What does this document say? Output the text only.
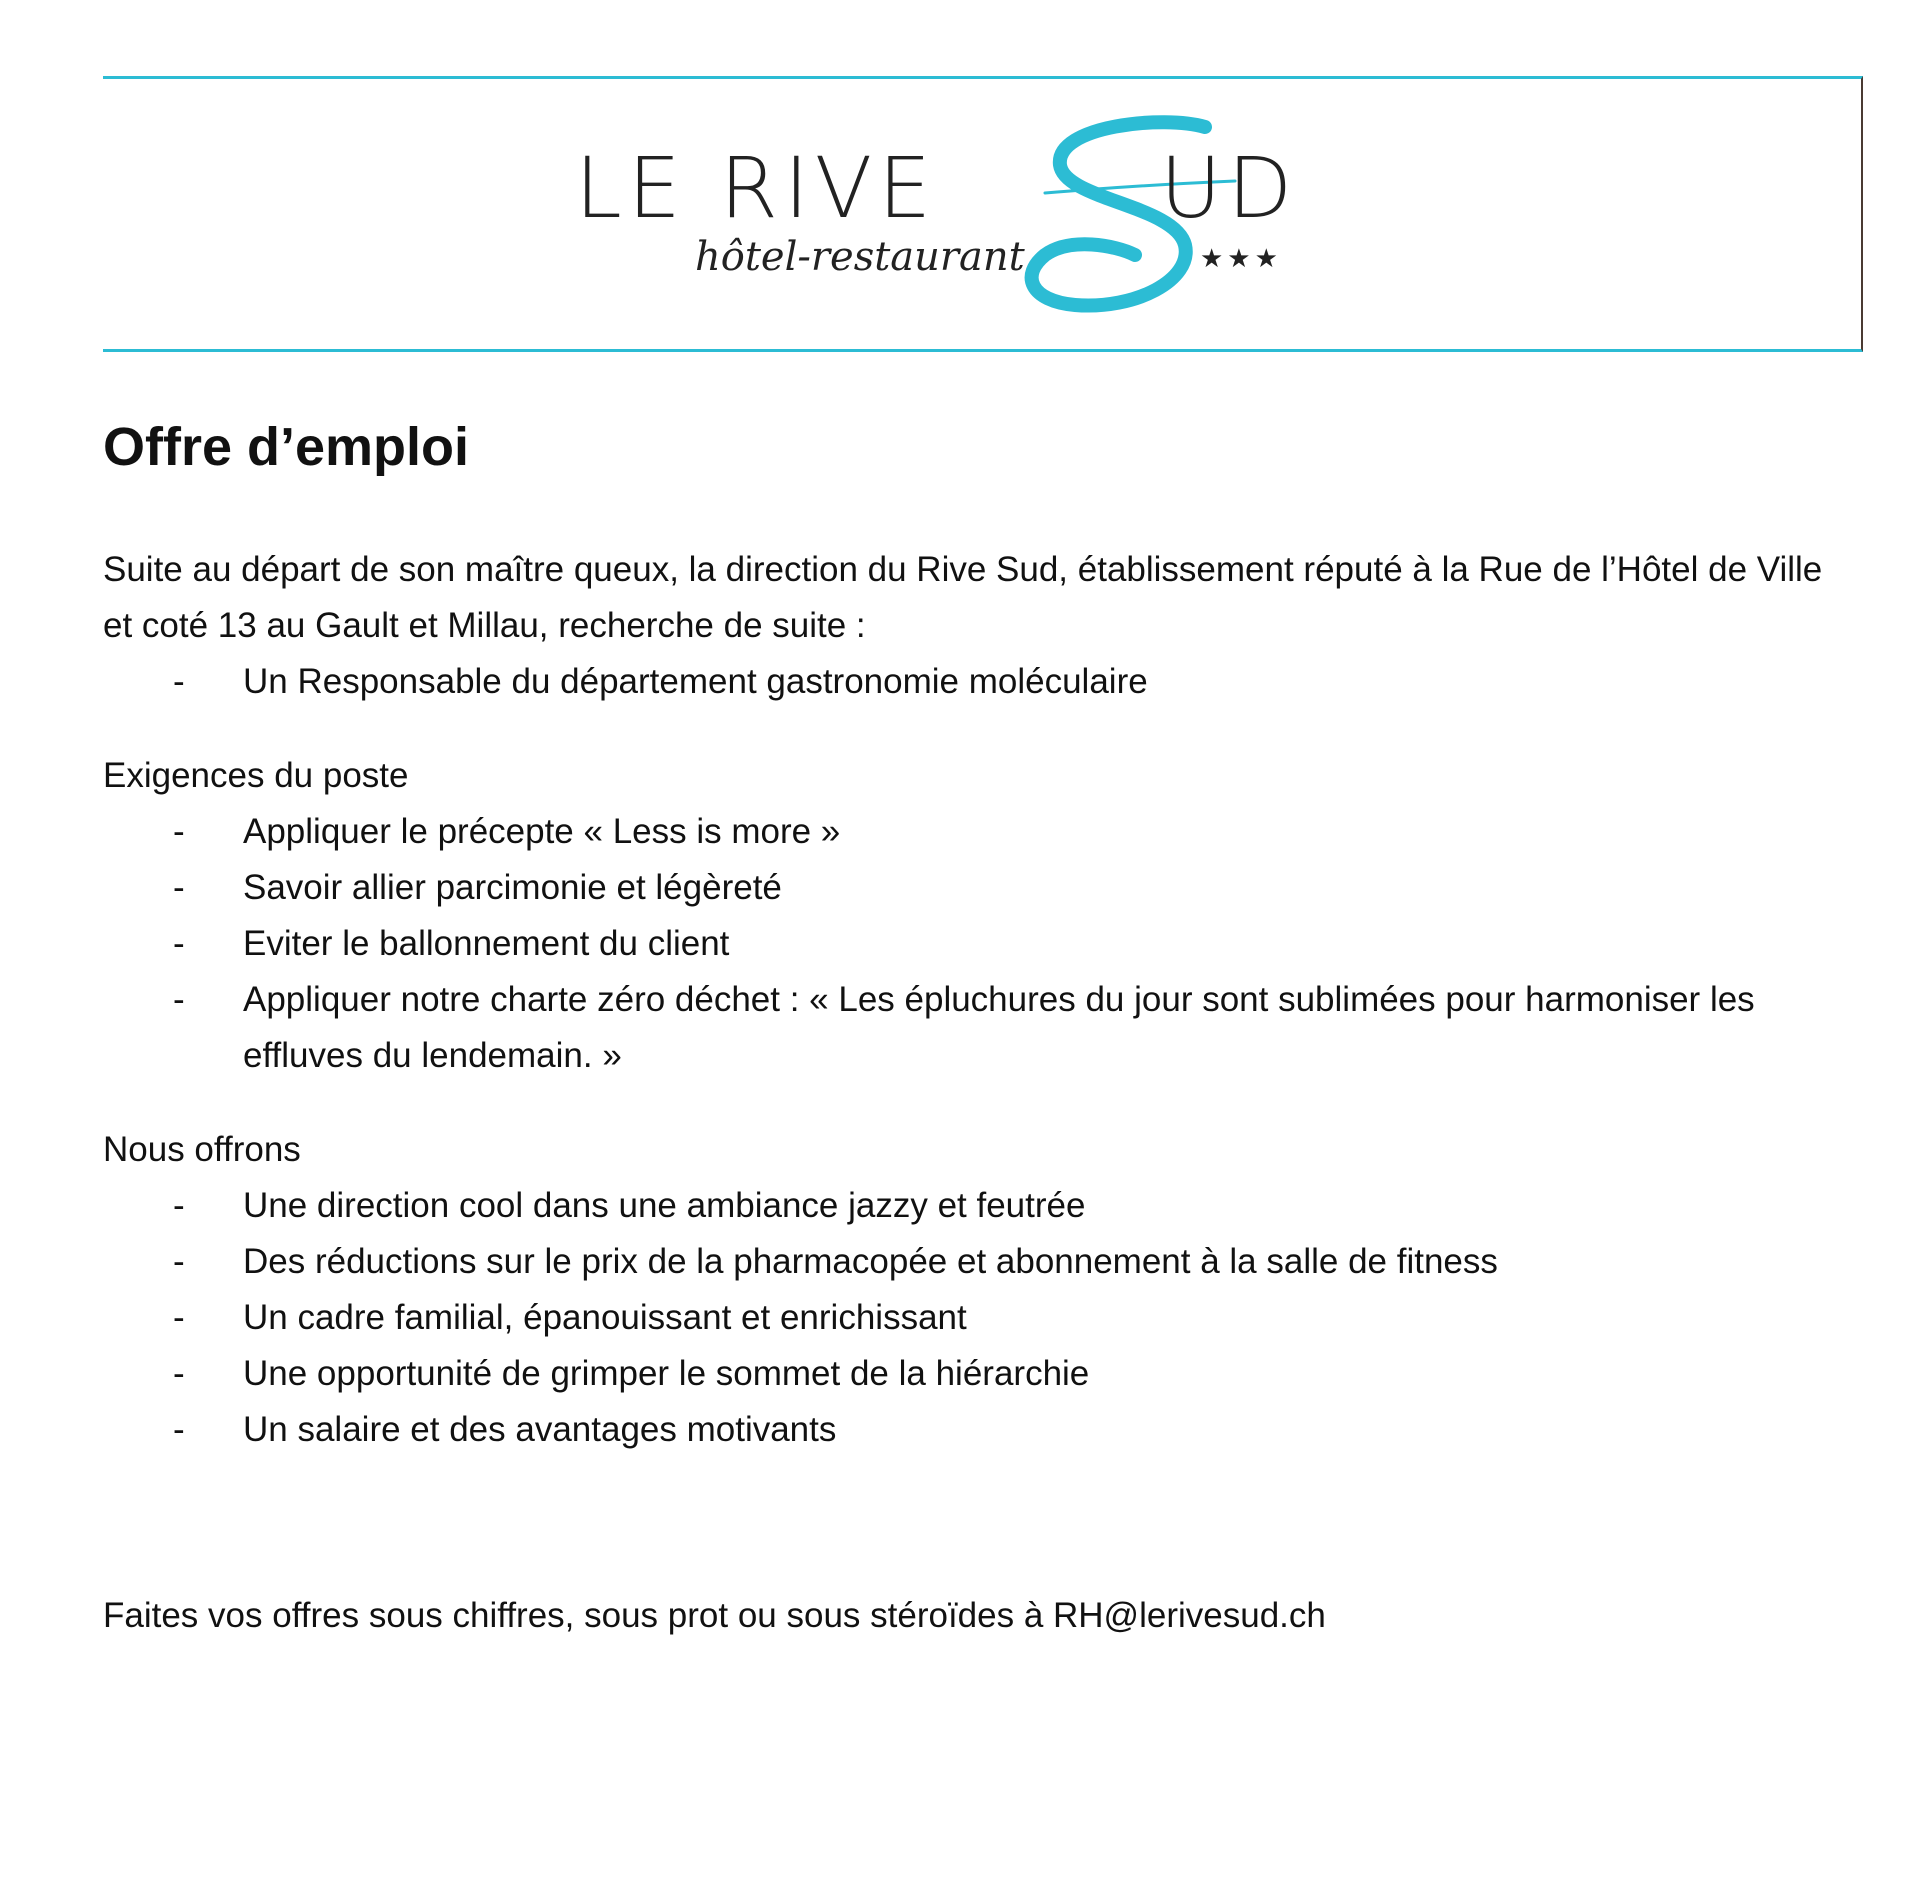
LE RIVE	UD
hôtel-restaurant	★★★
Offre d’emploi

Suite au départ de son maître queux, la direction du Rive Sud, établissement réputé à la Rue de l’Hôtel de Ville et coté 13 au Gault et Millau, recherche de suite :

- Un Responsable du département gastronomie moléculaire

Exigences du poste

- Appliquer le précepte « Less is more »
- Savoir allier parcimonie et légèreté
- Eviter le ballonnement du client
- Appliquer notre charte zéro déchet : « Les épluchures du jour sont sublimées pour harmoniser les effluves du lendemain. »

Nous offrons

- Une direction cool dans une ambiance jazzy et feutrée
- Des réductions sur le prix de la pharmacopée et abonnement à la salle de fitness
- Un cadre familial, épanouissant et enrichissant
- Une opportunité de grimper le sommet de la hiérarchie
- Un salaire et des avantages motivants

Faites vos offres sous chiffres, sous prot ou sous stéroïdes à RH@lerivesud.ch
